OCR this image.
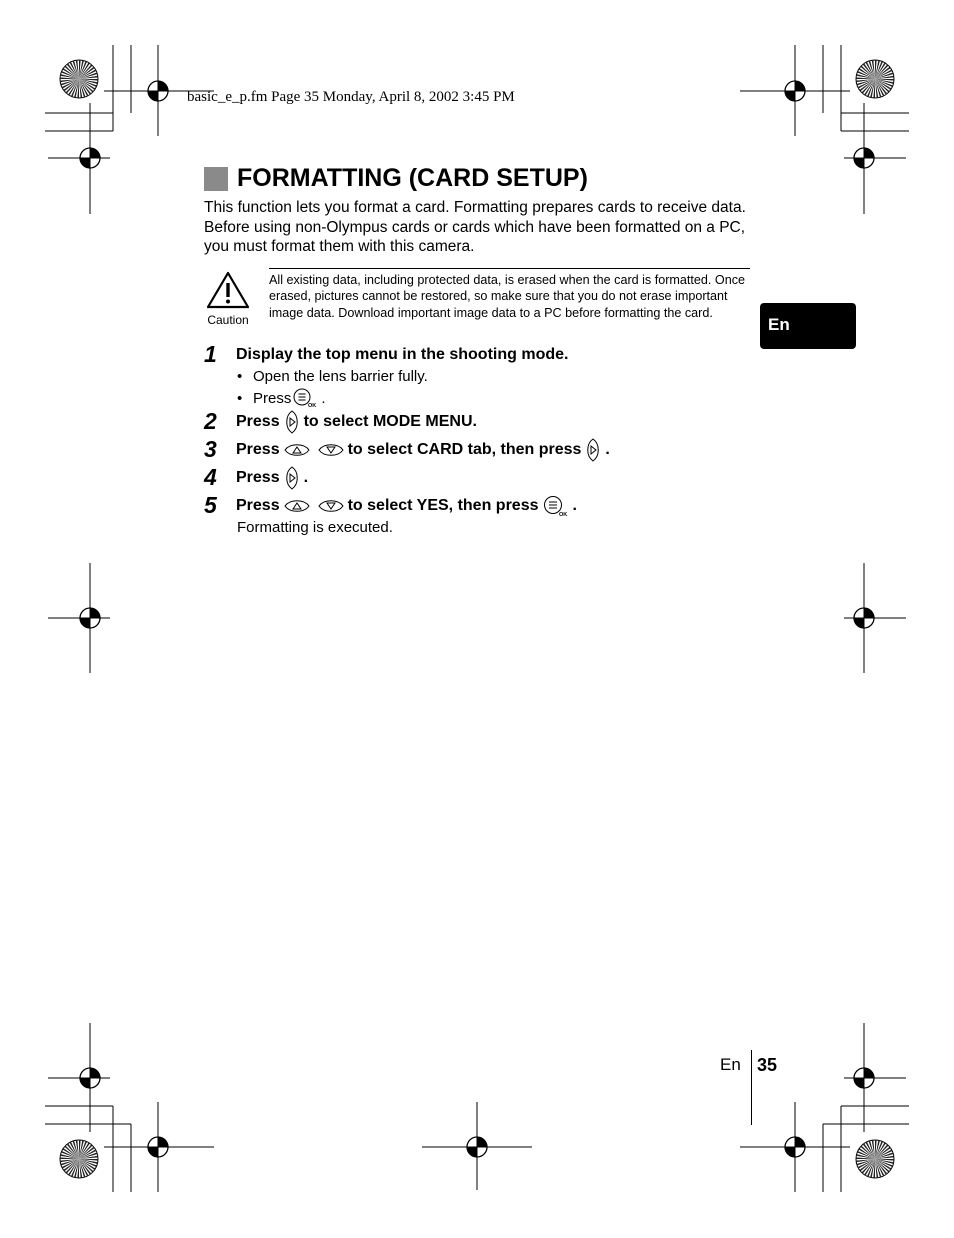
basic_e_p.fm Page 35 Monday, April 8, 2002 3:45 PM
FORMATTING (CARD SETUP)
This function lets you format a card. Formatting prepares cards to receive data. Before using non-Olympus cards or cards which have been formatted on a PC, you must format them with this camera.
Caution
All existing data, including protected data, is erased when the card is formatted. Once erased, pictures cannot be restored, so make sure that you do not erase important image data. Download important image data to a PC before formatting the card.
En
1	Display the top menu in the shooting mode.
• Open the lens barrier fully.
• Press	OK .
2	Press to select MODE MENU.
3	Press	to select CARD tab, then press .
4	Press .
5	Press	to select YES, then press
OK
.
Formatting is executed.
En 35
